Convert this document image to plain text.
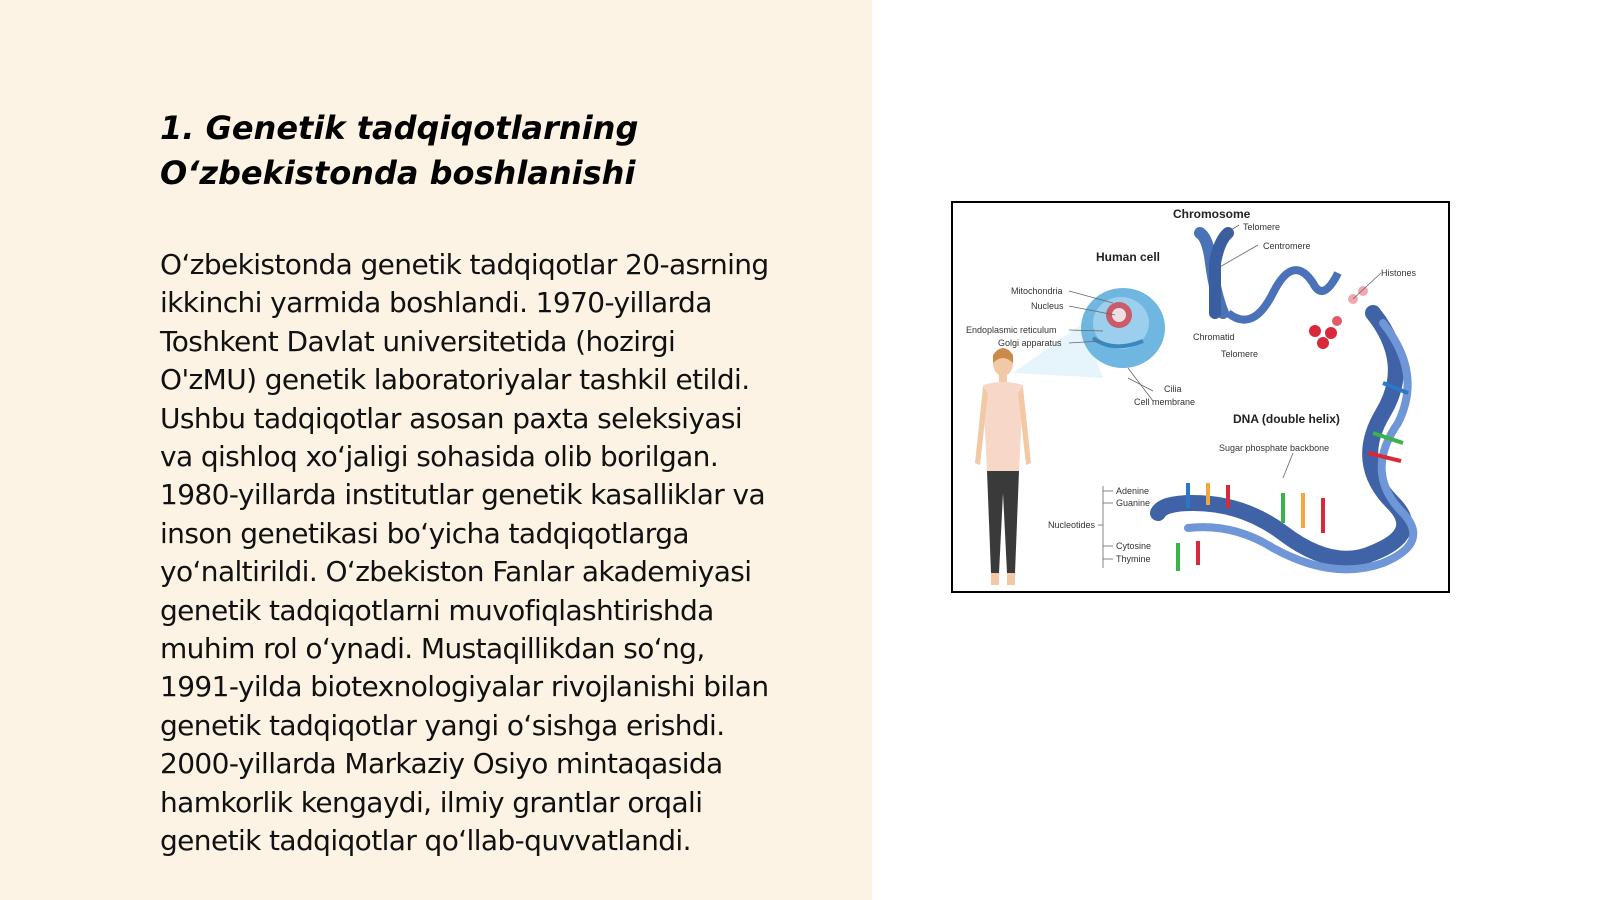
1. Genetik tadqiqotlarning
Oʻzbekistonda boshlanishi

Oʻzbekistonda genetik tadqiqotlar 20-asrning
ikkinchi yarmida boshlandi. 1970-yillarda
Toshkent Davlat universitetida (hozirgi
O'zMU) genetik laboratoriyalar tashkil etildi.
Ushbu tadqiqotlar asosan paxta seleksiyasi
va qishloq xoʻjaligi sohasida olib borilgan.
1980-yillarda institutlar genetik kasalliklar va
inson genetikasi boʻyicha tadqiqotlarga
yoʻnaltirildi. Oʻzbekiston Fanlar akademiyasi
genetik tadqiqotlarni muvofiqlashtirishda
muhim rol oʻynadi. Mustaqillikdan soʻng,
1991-yilda biotexnologiyalar rivojlanishi bilan
genetik tadqiqotlar yangi oʻsishga erishdi.
2000-yillarda Markaziy Osiyo mintaqasida
hamkorlik kengaydi, ilmiy grantlar orqali
genetik tadqiqotlar qoʻllab-quvvatlandi.

Chromosome
Telomere
Centromere
Histones
Human cell
Mitochondria
Nucleus
Endoplasmic reticulum
Golgi apparatus
Chromatid
Telomere
Cilia
Cell membrane
DNA (double helix)
Sugar phosphate backbone
Adenine
Guanine
Nucleotides
Cytosine
Thymine
